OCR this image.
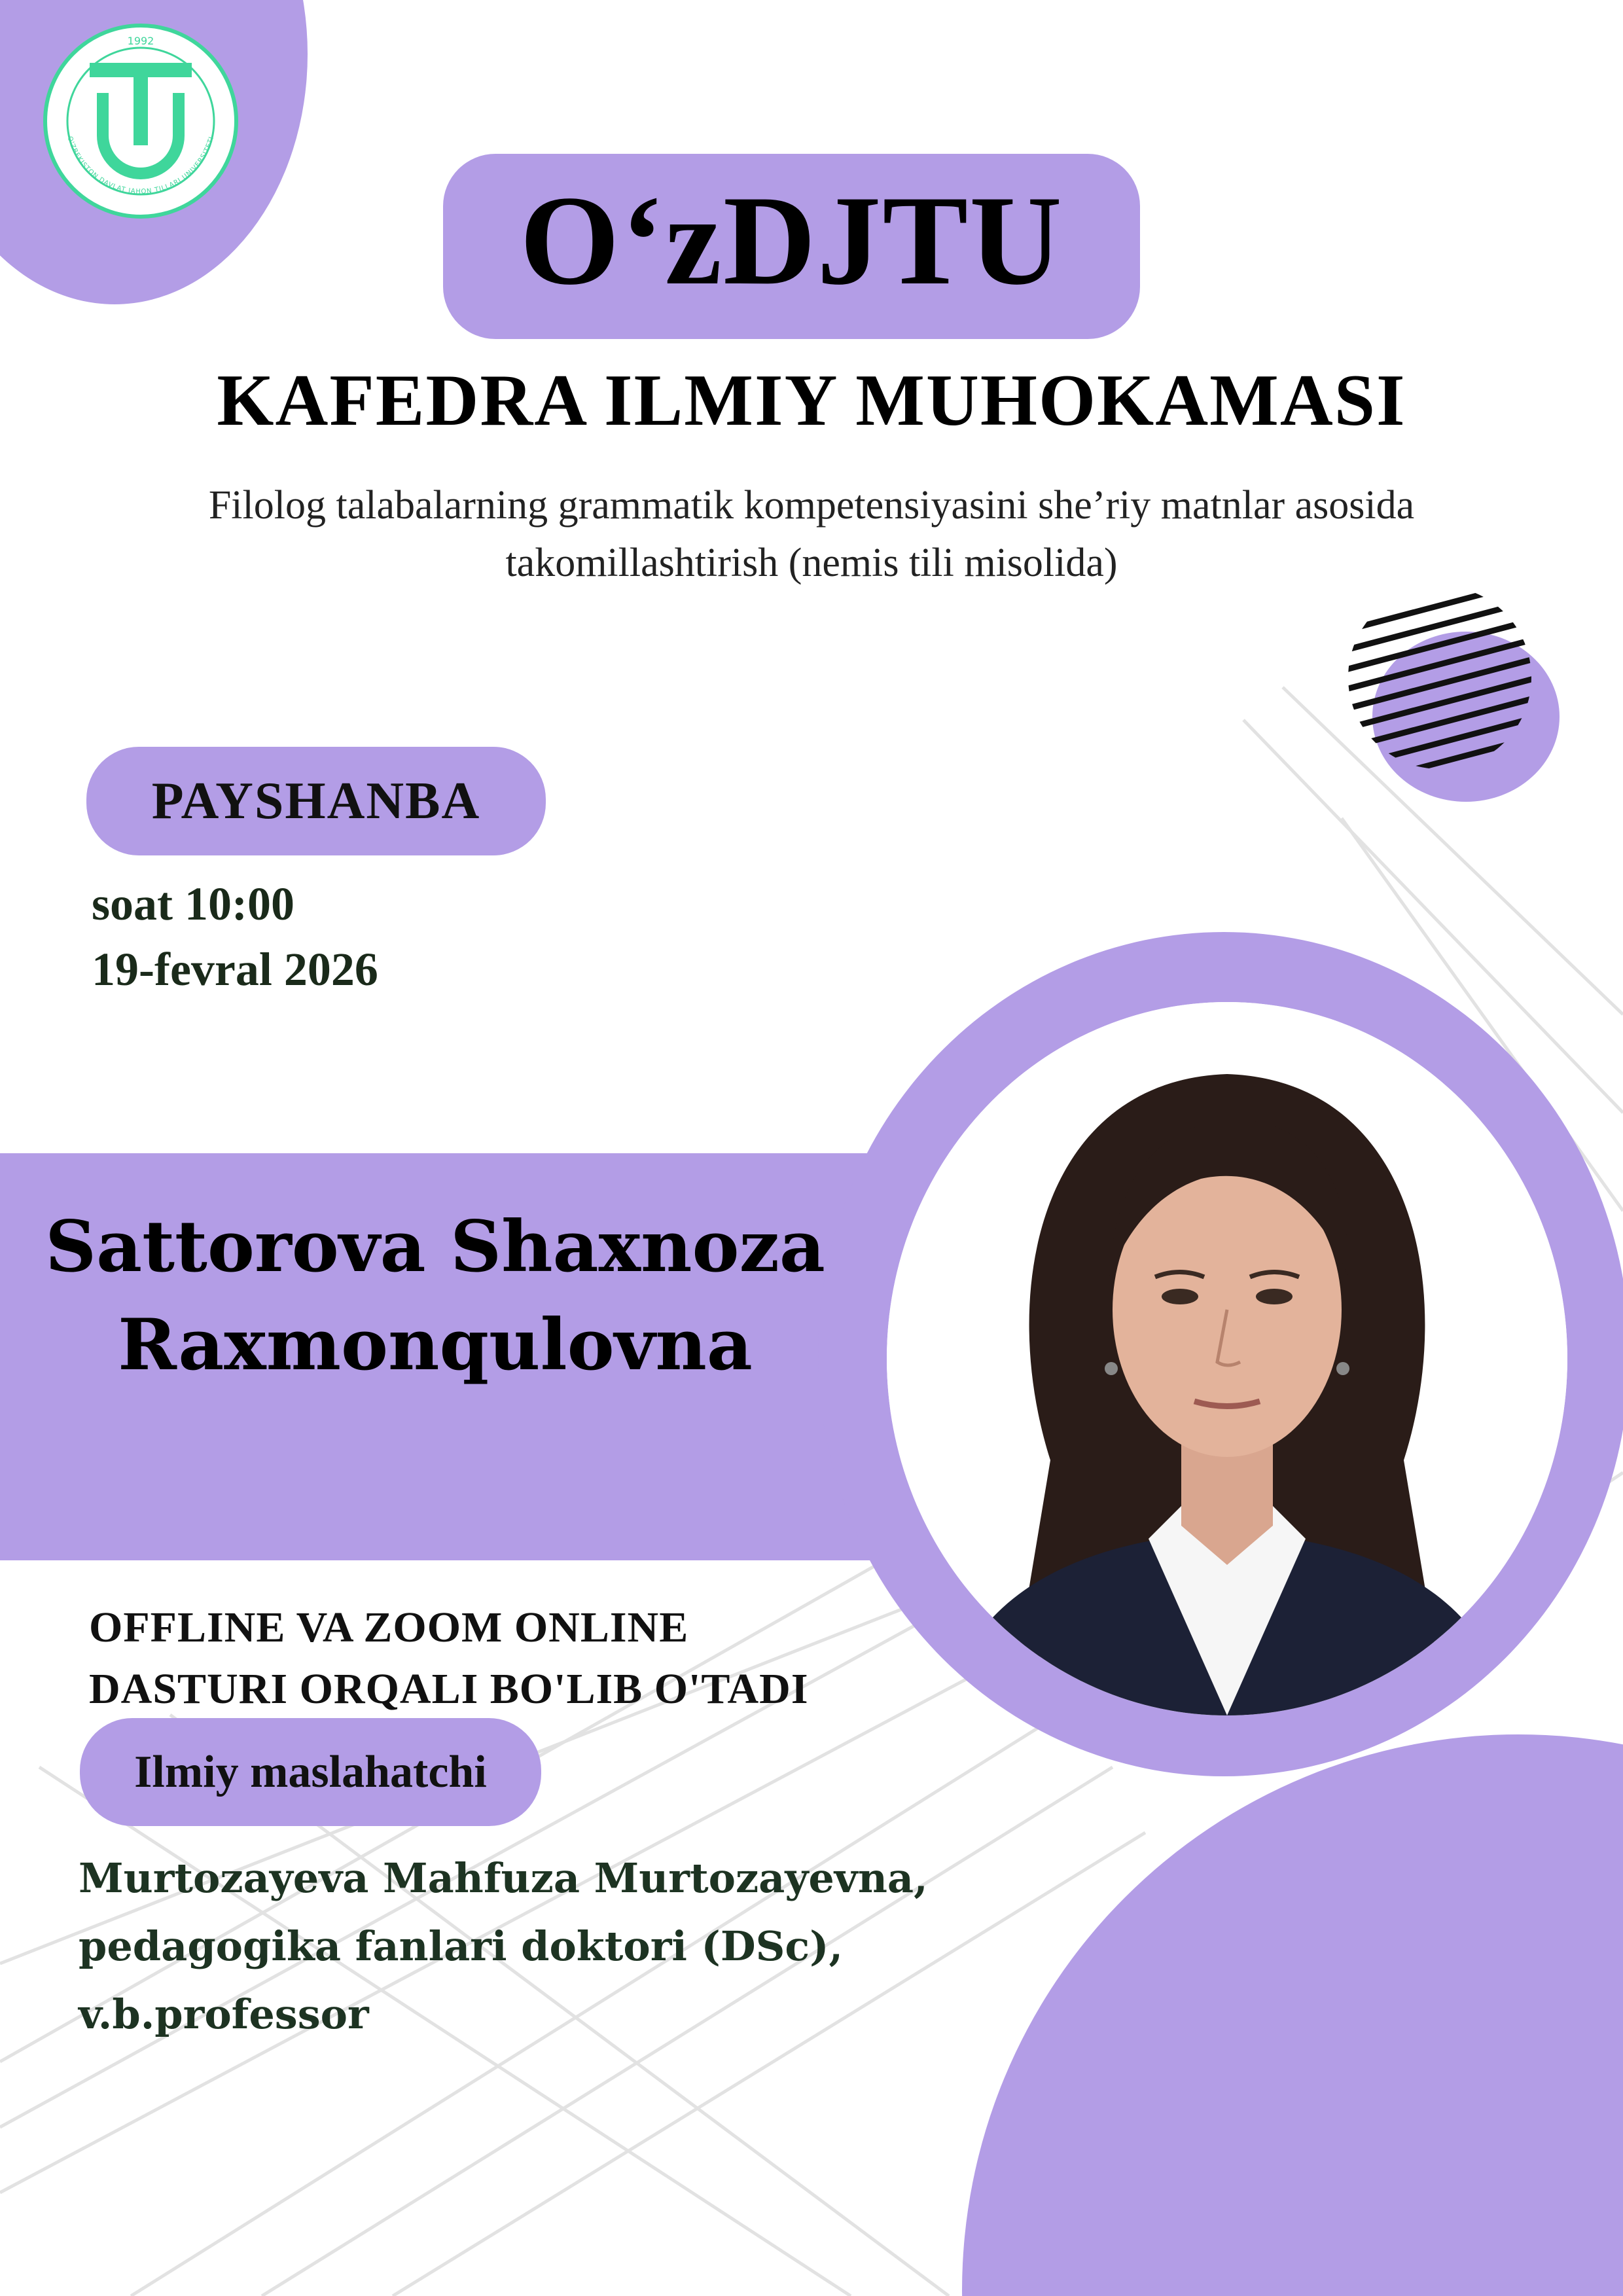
1992
O'ZBEKISTON DAVLAT JAHON TILLARI UNIVERSITETI
O‘zDJTU
KAFEDRA ILMIY MUHOKAMASI
Filolog talabalarning grammatik kompetensiyasini she’riy matnlar asosida
takomillashtirish (nemis tili misolida)
PAYSHANBA
soat 10:00
19-fevral 2026
Sattorova Shaxnoza
Raxmonqulovna
OFFLINE VA ZOOM ONLINE
DASTURI ORQALI BO'LIB O'TADI
Ilmiy maslahatchi
Murtozayeva Mahfuza Murtozayevna,
pedagogika fanlari doktori (DSc),
v.b.professor
